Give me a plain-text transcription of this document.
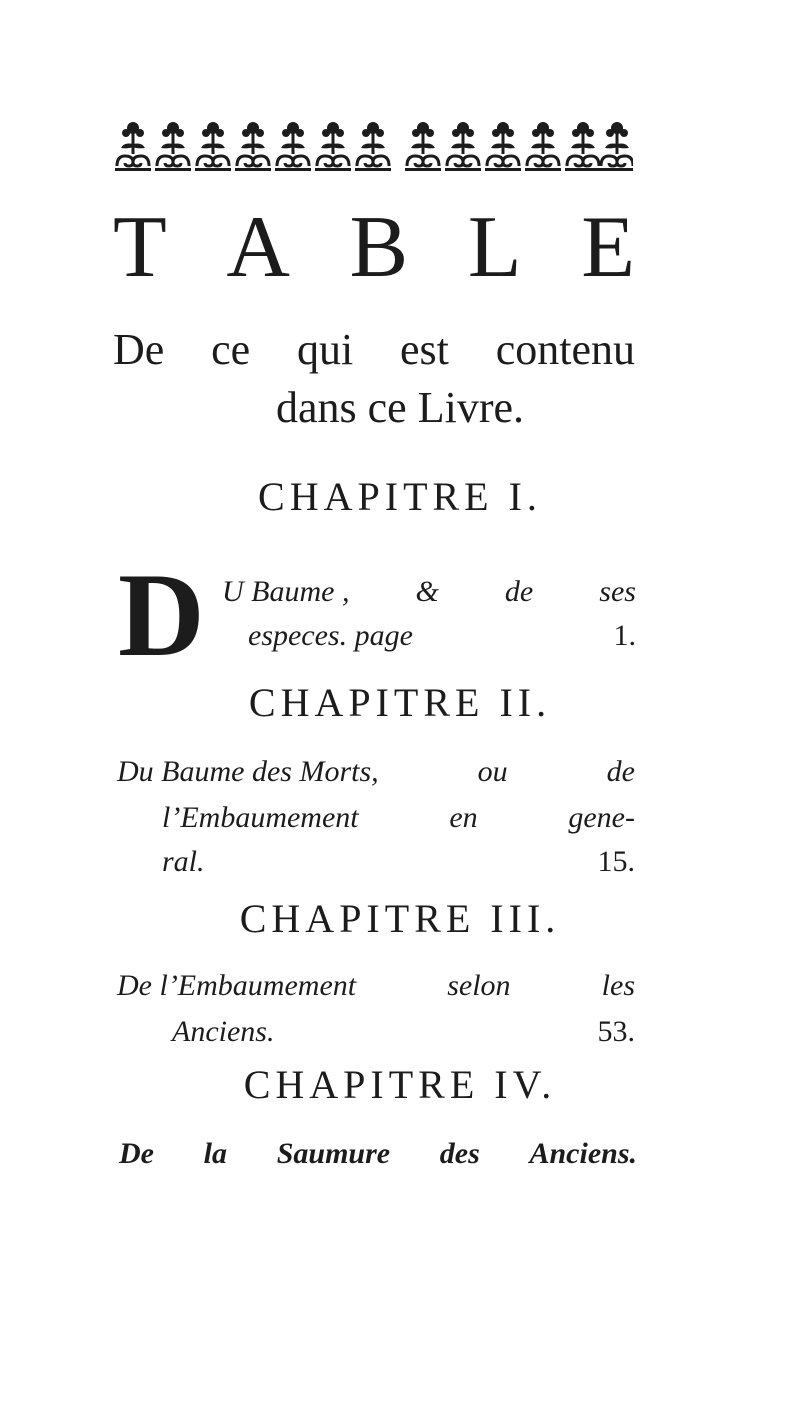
T A B L E
De ce qui est contenu
dans ce Livre.
CHAPITRE I.
D U Baume , & de ses
especes. page	1.
CHAPITRE II.
Du Baume des Morts,	ou	de
l’Embaumement	en	gene-
ral.	15.
CHAPITRE III.
De l’Embaumement	selon	les
Anciens.	53.
CHAPITRE IV.
De la Saumure des Anciens.
